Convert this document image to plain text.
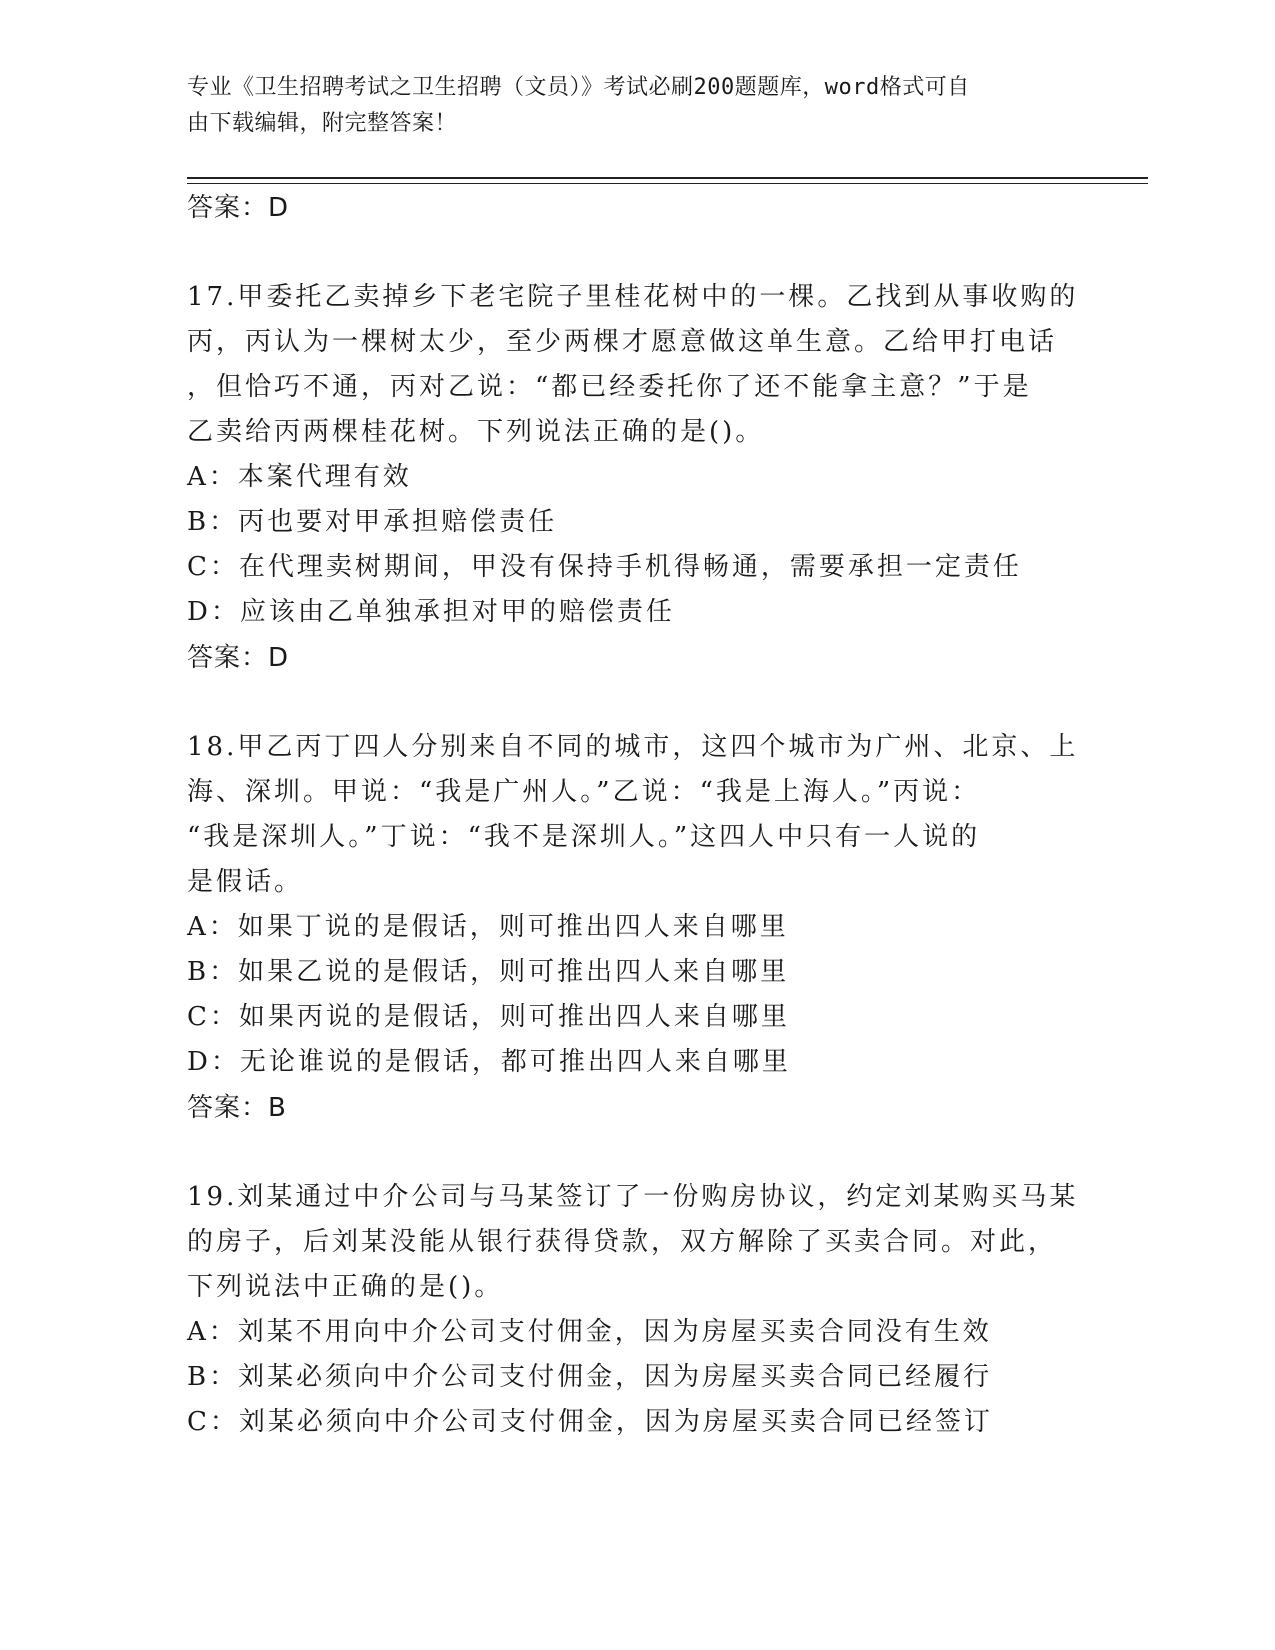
专业《卫生招聘考试之卫生招聘（文员）》考试必刷200题题库，word格式可自
由下载编辑，附完整答案！
答案：D
17.甲委托乙卖掉乡下老宅院子里桂花树中的一棵。乙找到从事收购的
丙，丙认为一棵树太少，至少两棵才愿意做这单生意。乙给甲打电话
，但恰巧不通，丙对乙说：“都已经委托你了还不能拿主意？”于是
乙卖给丙两棵桂花树。下列说法正确的是()。
A：本案代理有效
B：丙也要对甲承担赔偿责任
C：在代理卖树期间，甲没有保持手机得畅通，需要承担一定责任
D：应该由乙单独承担对甲的赔偿责任
答案：D
18.甲乙丙丁四人分别来自不同的城市，这四个城市为广州、北京、上
海、深圳。甲说：“我是广州人。”乙说：“我是上海人。”丙说：
“我是深圳人。”丁说：“我不是深圳人。”这四人中只有一人说的
是假话。
A：如果丁说的是假话，则可推出四人来自哪里
B：如果乙说的是假话，则可推出四人来自哪里
C：如果丙说的是假话，则可推出四人来自哪里
D：无论谁说的是假话，都可推出四人来自哪里
答案：B
19.刘某通过中介公司与马某签订了一份购房协议，约定刘某购买马某
的房子，后刘某没能从银行获得贷款，双方解除了买卖合同。对此，
下列说法中正确的是()。
A：刘某不用向中介公司支付佣金，因为房屋买卖合同没有生效
B：刘某必须向中介公司支付佣金，因为房屋买卖合同已经履行
C：刘某必须向中介公司支付佣金，因为房屋买卖合同已经签订
